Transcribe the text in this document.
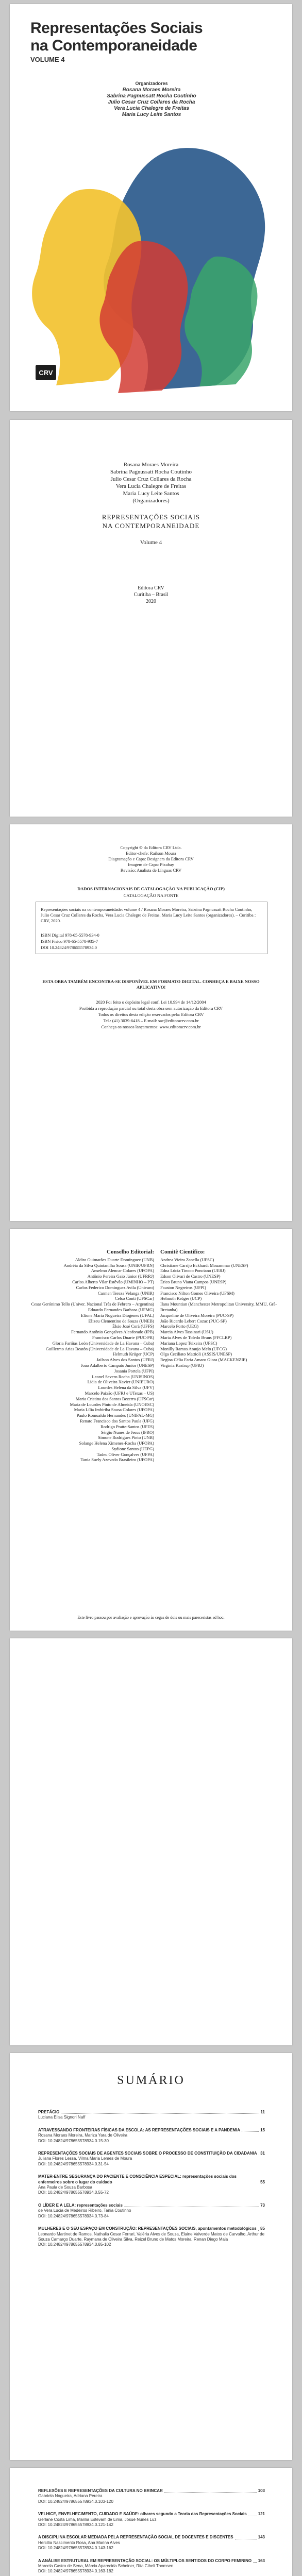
Representações Sociais
na Contemporaneidade
VOLUME 4
Organizadores
Rosana Moraes Moreira
Sabrina Pagnussatt Rocha Coutinho
Julio Cesar Cruz Collares da Rocha
Vera Lucia Chalegre de Freitas
Maria Lucy Leite Santos
CRV
Rosana Moraes Moreira
Sabrina Pagnussatt Rocha Coutinho
Julio Cesar Cruz Collares da Rocha
Vera Lucia Chalegre de Freitas
Maria Lucy Leite Santos
(Organizadores)
REPRESENTAÇÕES SOCIAIS
NA CONTEMPORANEIDADE
Volume 4
Editora CRV
Curitiba – Brasil
2020
Copyright © da Editora CRV Ltda.
Editor-chefe: Railson Moura
Diagramação e Capa: Designers da Editora CRV
Imagem de Capa: Pixabay
Revisão: Analista de Línguas CRV
DADOS INTERNACIONAIS DE CATALOGAÇÃO NA PUBLICAÇÃO (CIP)
CATALOGAÇÃO NA FONTE
Representações sociais na contemporaneidade: volume 4 / Rosana Moraes Moreira, Sabrina Pagnussatt Rocha Coutinho, Julio Cesar Cruz Collares da Rocha, Vera Lucia Chalegre de Freitas, Maria Lucy Leite Santos (organizadores). – Curitiba : CRV, 2020.
ISBN Digital 978-65-5578-934-0
ISBN Físico 978-65-5578-935-7
DOI 10.24824/978655578934.0
ESTA OBRA TAMBÉM ENCONTRA-SE DISPONÍVEL EM FORMATO DIGITAL. CONHEÇA E BAIXE NOSSO APLICATIVO!
2020 Foi feito o depósito legal conf. Lei 10.994 de 14/12/2004
Proibida a reprodução parcial ou total desta obra sem autorização da Editora CRV
Todos os direitos desta edição reservados pela: Editora CRV
Tel.: (41) 3039-6418 – E-mail: sac@editoracrv.com.br
Conheça os nossos lançamentos: www.editoracrv.com.br
Conselho Editorial:
Aldira Guimarães Duarte Domínguez (UNB)
Andréia da Silva Quintanilha Sousa (UNIR/UFRN)
Anselmo Alencar Colares (UFOPA)
Antônio Pereira Gaio Júnior (UFRRJ)
Carlos Alberto Vilar Estêvão (UMINHO – PT)
Carlos Federico Dominguez Avila (Unieuro)
Carmen Tereza Velanga (UNIR)
Celso Conti (UFSCar)
Cesar Gerónimo Tello (Univer. Nacional Três de Febrero – Argentina)
Eduardo Fernandes Barbosa (UFMG)
Elione Maria Nogueira Diogenes (UFAL)
Elizeu Clementino de Souza (UNEB)
Élsio José Corá (UFFS)
Fernando Antônio Gonçalves Alcoforado (IPB)
Francisco Carlos Duarte (PUC-PR)
Gloria Fariñas León (Universidade de La Havana – Cuba)
Guillermo Arias Beatón (Universidade de La Havana – Cuba)
Helmuth Krüger (UCP)
Jailson Alves dos Santos (UFRJ)
João Adalberto Campato Junior (UNESP)
Josania Portela (UFPI)
Leonel Severo Rocha (UNISINOS)
Lídia de Oliveira Xavier (UNIEURO)
Lourdes Helena da Silva (UFV)
Marcelo Paixão (UFRJ e UTexas – US)
Maria Cristina dos Santos Bezerra (UFSCar)
Maria de Lourdes Pinto de Almeida (UNOESC)
Maria Lília Imbiriba Sousa Colares (UFOPA)
Paulo Romualdo Hernandes (UNIFAL-MG)
Renato Francisco dos Santos Paula (UFG)
Rodrigo Pratte-Santos (UFES)
Sérgio Nunes de Jesus (IFRO)
Simone Rodrigues Pinto (UNB)
Solange Helena Ximenes-Rocha (UFOPA)
Sydione Santos (UEPG)
Tadeu Oliver Gonçalves (UFPA)
Tania Suely Azevedo Brasileiro (UFOPA)
Comitê Científico:
Andrea Vieira Zanella (UFSC)
Christiane Carrijo Eckhardt Mouammar (UNESP)
Edna Lúcia Tinoco Ponciano (UERJ)
Edson Olivari de Castro (UNESP)
Érico Bruno Viana Campos (UNESP)
Fauston Negreiros (UFPI)
Francisco Nilton Gomes Oliveira (UFSM)
Helmuth Krüger (UCP)
Ilana Mountian (Manchester Metropolitan University, MMU, Grã-Bretanha)
Jacqueline de Oliveira Moreira (PUC-SP)
João Ricardo Lebert Cozac (PUC-SP)
Marcelo Porto (UEG)
Marcia Alves Tassinari (USU)
Maria Alves de Toledo Bruns (FFCLRP)
Mariana Lopez Teixeira (UFSC)
Monilly Ramos Araujo Melo (UFCG)
Olga Ceciliato Mattioli (ASSIS/UNESP)
Regina Célia Faria Amaro Giora (MACKENZIE)
Virgínia Kastrup (UFRJ)
Este livro passou por avaliação e aprovação às cegas de dois ou mais pareceristas ad hoc.
SUMÁRIO
PREFÁCIO	11
Luciana Elisa Signori Naff
ATRAVESSANDO FRONTEIRAS FÍSICAS DA ESCOLA: AS REPRESENTAÇÕES SOCIAIS E A PANDEMIA	15
Rosana Moraes Moreira, Mariza Yara de Oliveira
DOI: 10.24824/978655578934.0.15-30
REPRESENTAÇÕES SOCIAIS DE AGENTES SOCIAIS SOBRE O PROCESSO DE CONSTITUIÇÃO DA CIDADANIA 31
Juliana Flores Lessa, Vilma Maria Lemes de Moura
DOI: 10.24824/978655578934.0.31-54
MATER-ENTRE SEGURANÇA DO PACIENTE E CONSCIÊNCIA ESPECIAL: representações sociais dos enfermeiros sobre o lugar do cuidado	55
Ana Paula de Souza Barbosa
DOI: 10.24824/978655578934.0.55-72
O LÍDER E A LELA: representações sociais	73
de Vera Lucia de Medeiros Ribeiro, Tania Coutinho
DOI: 10.24824/978655578934.0.73-84
MULHERES E O SEU ESPAÇO EM CONSTRUÇÃO: REPRESENTAÇÕES SOCIAIS, apontamentos metodológicos 85
Leonardo Martinet de Ramos, Nathalia Cesar Ferrari, Valéria Alves de Souza, Elaine Valverde Matos de Carvalho, Arthur de Souza Camargo Duarte, Raymana de Oliveira Silva, Reizel Bruno de Matos Moreira, Renan Diego Maia
DOI: 10.24824/978655578934.0.85-102
REFLEXÕES E REPRESENTAÇÕES DA CULTURA NO BRINCAR	103
Gabriela Nogueira, Adriana Pereira
DOI: 10.24824/978655578934.0.103-120
VELHICE, ENVELHECIMENTO, CUIDADO E SAÚDE: olhares segundo a Teoria das Representações Sociais	121
Gerlane Costa Lima, Marilia Estevam de Lima, Josué Nunes Luz
DOI: 10.24824/978655578934.0.121-142
A DISCIPLINA ESCOLAR MEDIADA PELA REPRESENTAÇÃO SOCIAL DE DOCENTES E DISCENTES	143
Hercília Nascimento Rosa, Ana Marina Alves
DOI: 10.24824/978655578934.0.143-162
A ANÁLISE ESTRUTURAL EM REPRESENTAÇÃO SOCIAL: OS MÚLTIPLOS SENTIDOS DO CORPO FEMININO 163
Marcela Castro de Sena, Márcia Aparecida Scheiner, Rita Cibeli Thomsen
DOI: 10.24824/978655578934.0.163-182
